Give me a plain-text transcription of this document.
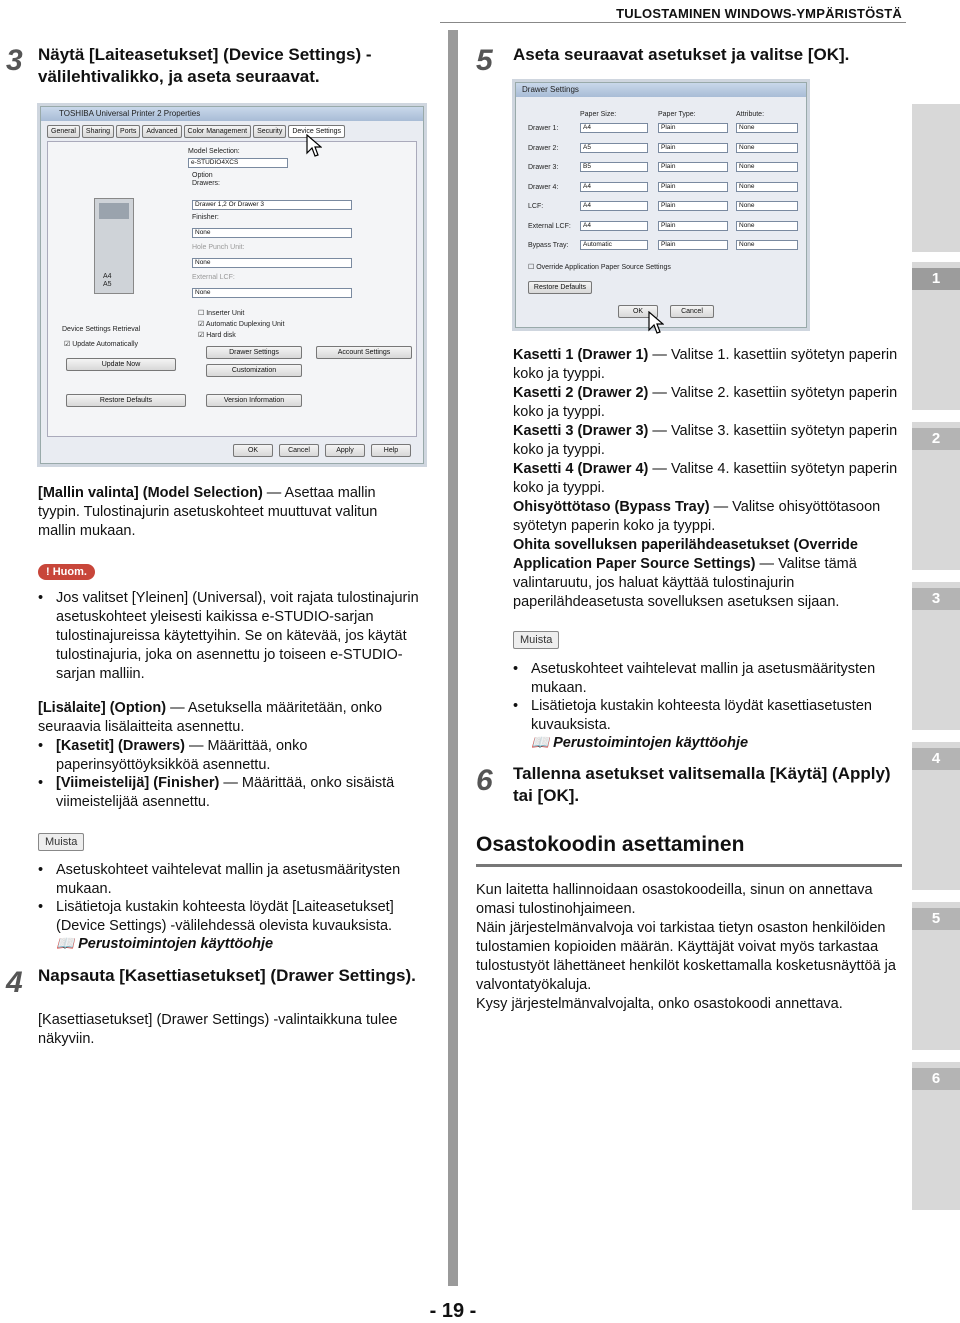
TULOSTAMINEN WINDOWS-YMPÄRISTÖSTÄ
1
2
3
4
5
6
3 Näytä [Laiteasetukset] (Device Settings) -välilehtivalikko, ja aseta seuraavat.
TOSHIBA Universal Printer 2 Properties
General	Sharing	Ports	Advanced	Color Management	Security	Device Settings
A4
A5
Model Selection:
e-STUDIO4XCS
Option
Drawers:
Drawer 1,2 Or Drawer 3
Finisher:
None
Hole Punch Unit:
None
External LCF:
None
☐ Inserter Unit
☑ Automatic Duplexing Unit
☑ Hard disk
Device Settings Retrieval
☑ Update Automatically
Update Now
Restore Defaults
Drawer Settings	Account Settings
Customization
Version Information
OK	Cancel	Apply	Help
[Mallin valinta] (Model Selection) — Asettaa mallin tyypin. Tulostinajurin asetuskohteet muuttuvat valitun mallin mukaan.
! Huom.
• Jos valitset [Yleinen] (Universal), voit rajata tulostinajurin asetuskohteet yleisesti kaikissa e-STUDIO-sarjan tulostinajureissa käytettyihin. Se on kätevää, jos käytät tulostinajuria, joka on asennettu jo toiseen e-STUDIO-sarjan malliin.
[Lisälaite] (Option) — Asetuksella määritetään, onko seuraavia lisälaitteita asennettu.
• [Kasetit] (Drawers) — Määrittää, onko paperinsyöttöyksikköä asennettu.
• [Viimeistelijä] (Finisher) — Määrittää, onko sisäistä viimeistelijää asennettu.
Muista
• Asetuskohteet vaihtelevat mallin ja asetusmääritysten mukaan.
• Lisätietoja kustakin kohteesta löydät [Laiteasetukset] (Device Settings) -välilehdessä olevista kuvauksista.
📖 Perustoimintojen käyttöohje
4 Napsauta [Kasettiasetukset] (Drawer Settings).
[Kasettiasetukset] (Drawer Settings) -valintaikkuna tulee näkyviin.
5 Aseta seuraavat asetukset ja valitse [OK].
Drawer Settings
Paper Size:	Paper Type:	Attribute:
Drawer 1:	A4	Plain	None
Drawer 2:	A5	Plain	None
Drawer 3:	B5	Plain	None
Drawer 4:	A4	Plain	None
LCF:	A4	Plain	None
External LCF:	A4	Plain	None
Bypass Tray:	Automatic	Plain	None
☐ Override Application Paper Source Settings
Restore Defaults
OK	Cancel
Kasetti 1 (Drawer 1) — Valitse 1. kasettiin syötetyn paperin koko ja tyyppi.
Kasetti 2 (Drawer 2) — Valitse 2. kasettiin syötetyn paperin koko ja tyyppi.
Kasetti 3 (Drawer 3) — Valitse 3. kasettiin syötetyn paperin koko ja tyyppi.
Kasetti 4 (Drawer 4) — Valitse 4. kasettiin syötetyn paperin koko ja tyyppi.
Ohisyöttötaso (Bypass Tray) — Valitse ohisyöttötasoon syötetyn paperin koko ja tyyppi.
Ohita sovelluksen paperilähdeasetukset (Override Application Paper Source Settings) — Valitse tämä valintaruutu, jos haluat käyttää tulostinajurin paperilähdeasetusta sovelluksen asetuksen sijaan.
Muista
• Asetuskohteet vaihtelevat mallin ja asetusmääritysten mukaan.
• Lisätietoja kustakin kohteesta löydät kasettiasetusten kuvauksista.
📖 Perustoimintojen käyttöohje
6 Tallenna asetukset valitsemalla [Käytä] (Apply) tai [OK].
Osastokoodin asettaminen
Kun laitetta hallinnoidaan osastokoodeilla, sinun on annettava omasi tulostinohjaimeen.
Näin järjestelmänvalvoja voi tarkistaa tietyn osaston henkilöiden tulostamien kopioiden määrän. Käyttäjät voivat myös tarkastaa tulostustyöt lähettäneet henkilöt koskettamalla kosketusnäyttöä ja valvontatyökaluja.
Kysy järjestelmänvalvojalta, onko osastokoodi annettava.
- 19 -
